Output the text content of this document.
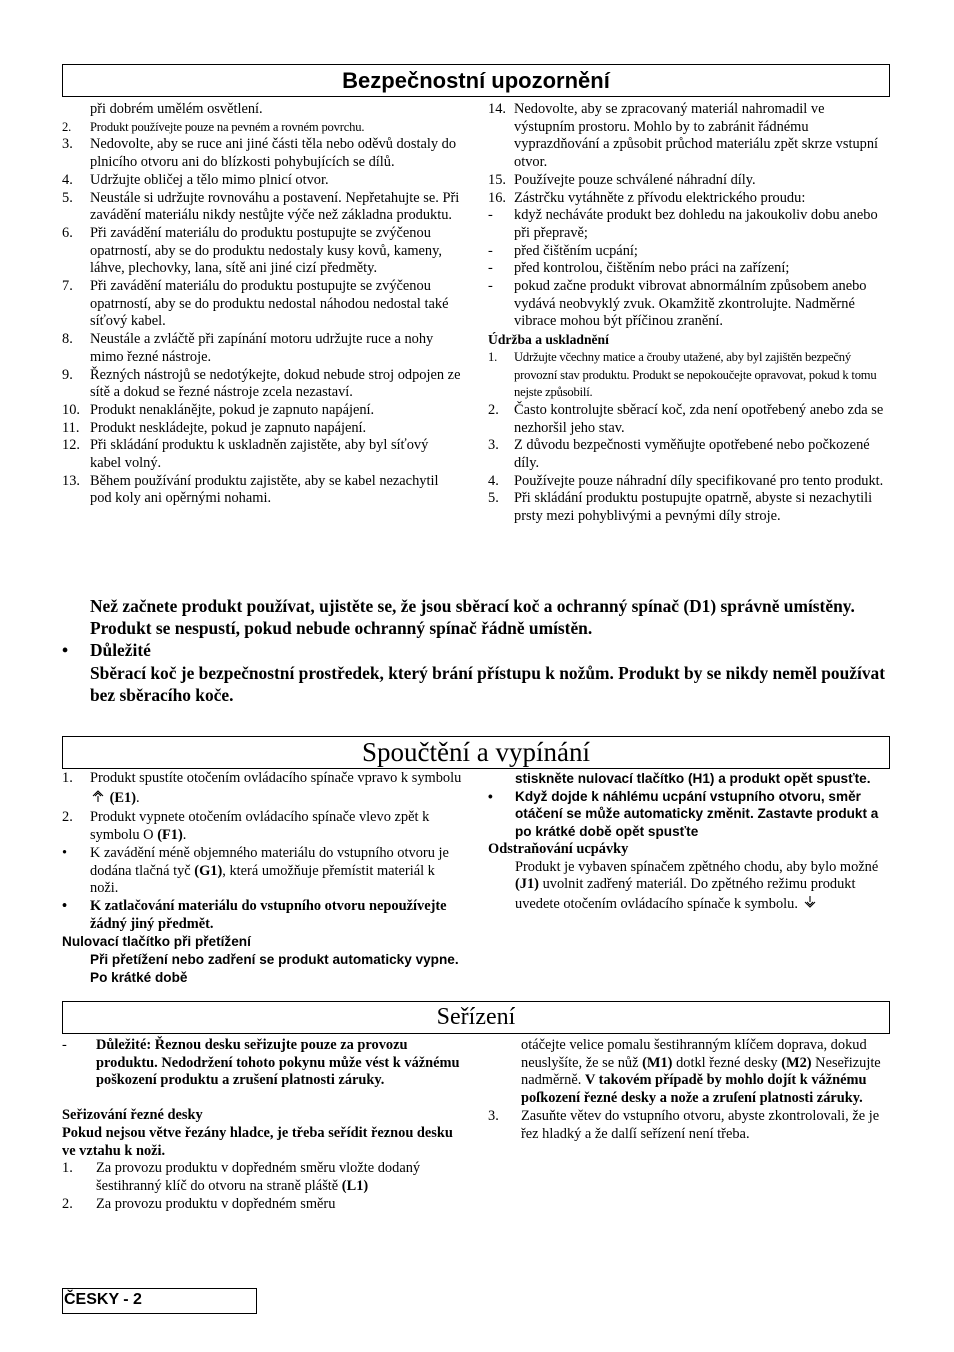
Bezpečnostní upozornění
při dobrém umělém osvětlení.
2.	Produkt používejte pouze na pevném a rovném povrchu.
3.	Nedovolte, aby se ruce ani jiné části těla nebo oděvů dostaly do plnicího otvoru ani do blízkosti pohybujících se dílů.
4.	Udržujte obličej a tělo mimo plnicí otvor.
5.	Neustále si udržujte rovnováhu a postavení. Nepřetahujte se. Při zavádění materiálu nikdy nestůjte výče než základna produktu.
6.	Při zavádění materiálu do produktu postupujte se zvýčenou opatrností, aby se do produktu nedostaly kusy kovů, kameny, láhve, plechovky, lana, sítě ani jiné cizí předměty.
7.	Při zavádění materiálu do produktu postupujte se zvýčenou opatrností, aby se do produktu nedostal náhodou nedostal také síťový kabel.
8.	Neustále a zvláčtě při zapínání motoru udržujte ruce a nohy mimo řezné nástroje.
9.	Řezných nástrojů se nedotýkejte, dokud nebude stroj odpojen ze sítě a dokud se řezné nástroje zcela nezastaví.
10. Produkt nenaklánějte, pokud je zapnuto napájení.
11. Produkt neskládejte, pokud je zapnuto napájení.
12. Při skládání produktu k uskladněn zajistěte, aby byl síťový kabel volný.
13. Během používání produktu zajistěte, aby se kabel nezachytil pod koly ani opěrnými nohami.
14. Nedovolte, aby se zpracovaný materiál nahromadil ve výstupním prostoru. Mohlo by to zabránit řádnému vyprazdňování a způsobit průchod materiálu zpět skrze vstupní otvor.
15. Používejte pouze schválené náhradní díly.
16. Zástrčku vytáhněte z přívodu elektrického proudu:
-	když necháváte produkt bez dohledu na jakoukoliv dobu anebo při přepravě;
-	před čištěním ucpání;
-	před kontrolou, čištěním nebo práci na zařízení;
-	pokud začne produkt vibrovat abnormálním způsobem anebo vydává neobvyklý zvuk. Okamžitě zkontrolujte. Nadměrné vibrace mohou být příčinou zranění.
Údržba a uskladnění
1.	Udržujte včechny matice a črouby utažené, aby byl zajištěn bezpečný provozní stav produktu. Produkt se nepokoučejte opravovat, pokud k tomu nejste způsobilí.
2.	Často kontrolujte sběrací koč, zda není opotřebený anebo zda se nezhoršil jeho stav.
3.	Z důvodu bezpečnosti vyměňujte opotřebené nebo počkozené díly.
4.	Používejte pouze náhradní díly specifikované pro tento produkt.
5.	Při skládání produktu postupujte opatrně, abyste si nezachytili prsty mezi pohyblivými a pevnými díly stroje.
Než začnete produkt používat, ujistěte se, že jsou sběrací koč a ochranný spínač (D1) správně umístěny. Produkt se nespustí, pokud nebude ochranný spínač řádně umístěn.
•	Důležité
Sběrací koč je bezpečnostní prostředek, který brání přístupu k nožům. Produkt by se nikdy neměl používat bez sběracího koče.
Spoučtění a vypínání
1.	Produkt spustíte otočením ovládacího spínače vpravo k symbolu  (E1).
2.	Produkt vypnete otočením ovládacího spínače vlevo zpět k symbolu O (F1).
•	K zavádění méně objemného materiálu do vstupního otvoru je dodána tlačná tyč (G1), která umožňuje přemístit materiál k noži.
•	K zatlačování materiálu do vstupního otvoru nepoužívejte žádný jiný předmět.
Nulovací tlačítko při přetížení
Při přetížení nebo zadření se produkt automaticky vypne. Po krátké době
stiskněte nulovací tlačítko (H1) a produkt opět spusťte.
•	Když dojde k náhlému ucpání vstupního otvoru, směr otáčení se může automaticky změnit. Zastavte produkt a po krátké době opět spusťte
Odstraňování ucpávky
Produkt je vybaven spínačem zpětného chodu, aby bylo možné (J1) uvolnit zadřený materiál. Do zpětného režimu produkt uvedete otočením ovládacího spínače k symbolu.
Seřízení
-	Důležité: Řeznou desku seřizujte pouze za provozu produktu. Nedodržení tohoto pokynu může vést k vážnému poškození produktu a zrušení platnosti záruky.
Seřizování řezné desky
Pokud nejsou větve řezány hladce, je třeba seřídit řeznou desku ve vztahu k noži.
1.	Za provozu produktu v dopředném směru vložte dodaný šestihranný klíč do otvoru na straně pláště (L1)
2.	Za provozu produktu v dopředném směru
otáčejte velice pomalu šestihranným klíčem doprava, dokud neuslyšíte, že se nůž (M1) dotkl řezné desky (M2) Neseřizujte nadměrně. V takovém případě by mohlo dojít k vážnému poſkození řezné desky a nože a zruſení platnosti záruky.
3.	Zasuňte větev do vstupního otvoru, abyste zkontrolovali, že je řez hladký a že dalſí seřízení není třeba.
ČESKY - 2
